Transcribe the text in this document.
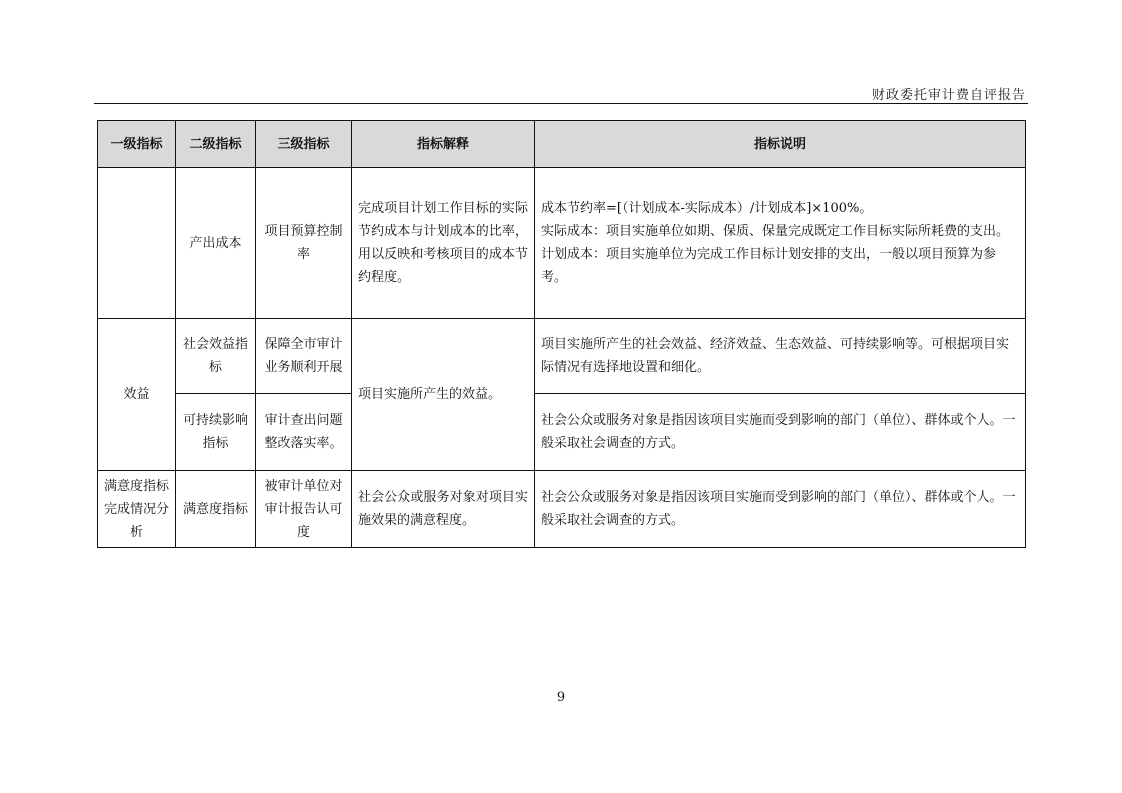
财政委托审计费自评报告
一级指标	二级指标	三级指标	指标解释	指标说明
	产出成本	项目预算控制率	完成项目计划工作目标的实际节约成本与计划成本的比率，用以反映和考核项目的成本节约程度。	成本节约率=[（计划成本-实际成本）/计划成本]×100%。
实际成本：项目实施单位如期、保质、保量完成既定工作目标实际所耗费的支出。
计划成本：项目实施单位为完成工作目标计划安排的支出，一般以项目预算为参考。

效益	社会效益指标	保障全市审计业务顺利开展	项目实施所产生的效益。	项目实施所产生的社会效益、经济效益、生态效益、可持续影响等。可根据项目实际情况有选择地设置和细化。
	可持续影响指标	审计查出问题整改落实率。		社会公众或服务对象是指因该项目实施而受到影响的部门（单位）、群体或个人。一般采取社会调查的方式。
满意度指标完成情况分析	满意度指标	被审计单位对审计报告认可度	社会公众或服务对象对项目实施效果的满意程度。	社会公众或服务对象是指因该项目实施而受到影响的部门（单位）、群体或个人。一般采取社会调查的方式。
9
